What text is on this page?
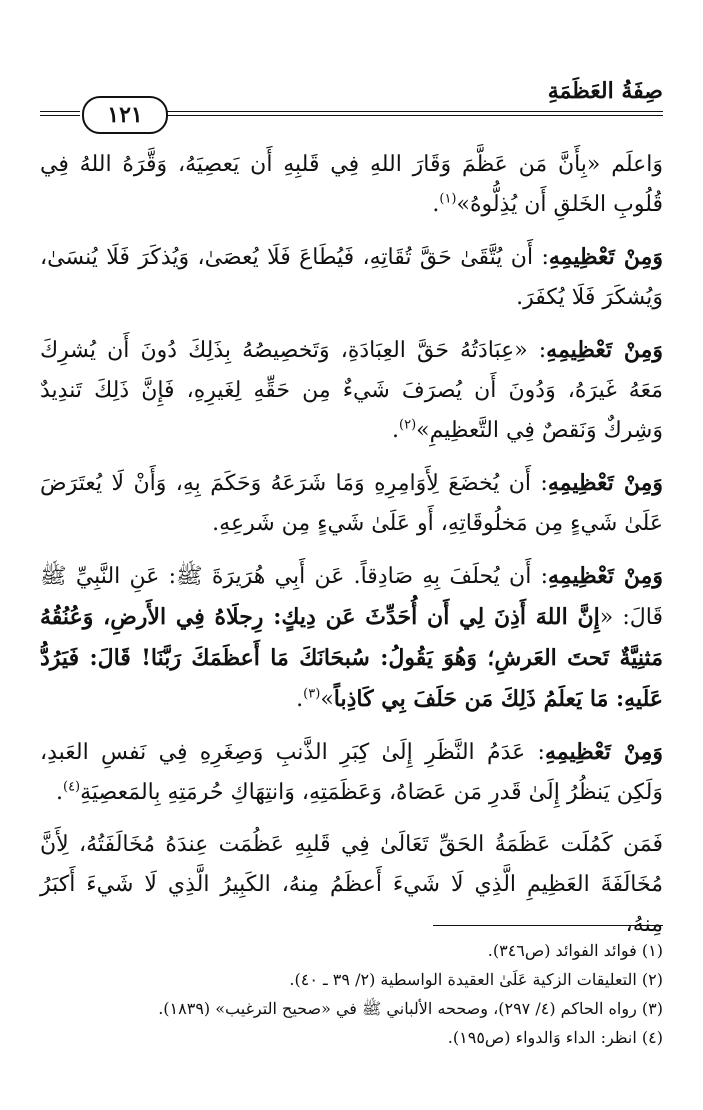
صِفَةُ العَظَمَةِ
١٢١

وَاعلَم «بِأَنَّ مَن عَظَّمَ وَقَارَ اللهِ فِي قَلبِهِ أَن يَعصِيَهُ، وَقَّرَهُ اللهُ فِي قُلُوبِ الخَلقِ أَن يُذِلُّوهُ»$^{(١)}$.

وَمِنْ تَعْظِيمِهِ: أَن يُتَّقَىٰ حَقَّ تُقَاتِهِ، فَيُطَاعَ فَلَا يُعصَىٰ، وَيُذكَرَ فَلَا يُنسَىٰ، وَيُشكَرَ فَلَا يُكفَرَ.

وَمِنْ تَعْظِيمِهِ: «عِبَادَتُهُ حَقَّ العِبَادَةِ، وَتَخصِيصُهُ بِذَلِكَ دُونَ أَن يُشرِكَ مَعَهُ غَيرَهُ، وَدُونَ أَن يُصرَفَ شَيءٌ مِن حَقِّهِ لِغَيرِهِ، فَإِنَّ ذَلِكَ تَندِيدٌ وَشِركٌ وَنَقصٌ فِي التَّعظِيمِ»$^{(٢)}$.

وَمِنْ تَعْظِيمِهِ: أَن يُخضَعَ لِأَوَامِرِهِ وَمَا شَرَعَهُ وَحَكَمَ بِهِ، وَأَنْ لَا يُعتَرَضَ عَلَىٰ شَيءٍ مِن مَخلُوقَاتِهِ، أَو عَلَىٰ شَيءٍ مِن شَرعِهِ.

وَمِنْ تَعْظِيمِهِ: أَن يُحلَفَ بِهِ صَادِقاً. عَن أَبِي هُرَيرَةَ ﷺ: عَنِ النَّبِيِّ ﷺ قَالَ: «إِنَّ اللهَ أَذِنَ لِي أَن أُحَدِّثَ عَن دِيكٍ: رِجلَاهُ فِي الأَرضِ، وَعُنُقُهُ مَثنِيَّةٌ تَحتَ العَرشِ؛ وَهُوَ يَقُولُ: سُبحَانَكَ مَا أَعظَمَكَ رَبَّنَا! قَالَ: فَيَرُدُّ عَلَيهِ: مَا يَعلَمُ ذَلِكَ مَن حَلَفَ بِي كَاذِباً»$^{(٣)}$.

وَمِنْ تَعْظِيمِهِ: عَدَمُ النَّظَرِ إِلَىٰ كِبَرِ الذَّنبِ وَصِغَرِهِ فِي نَفسِ العَبدِ، وَلَكِن يَنظُرُ إِلَىٰ قَدرِ مَن عَصَاهُ، وَعَظَمَتِهِ، وَانتِهَاكِ حُرمَتِهِ بِالمَعصِيَةِ$^{(٤)}$.

فَمَن كَمُلَت عَظَمَةُ الحَقِّ تَعَالَىٰ فِي قَلبِهِ عَظُمَت عِندَهُ مُخَالَفَتُهُ، لِأَنَّ مُخَالَفَةَ العَظِيمِ الَّذِي لَا شَيءَ أَعظَمُ مِنهُ، الكَبِيرُ الَّذِي لَا شَيءَ أَكبَرُ مِنهُ،

(١) فوائد الفوائد (ص٣٤٦).

(٢) التعليقات الزكية عَلَىٰ العقيدة الواسطية (٢/ ٣٩ ـ ٤٠).

(٣) رواه الحاكم (٤/ ٢٩٧)، وصححه الألباني ﷺ في «صحيح الترغيب» (١٨٣٩).

(٤) انظر: الداء وَالدواء (ص١٩٥).
